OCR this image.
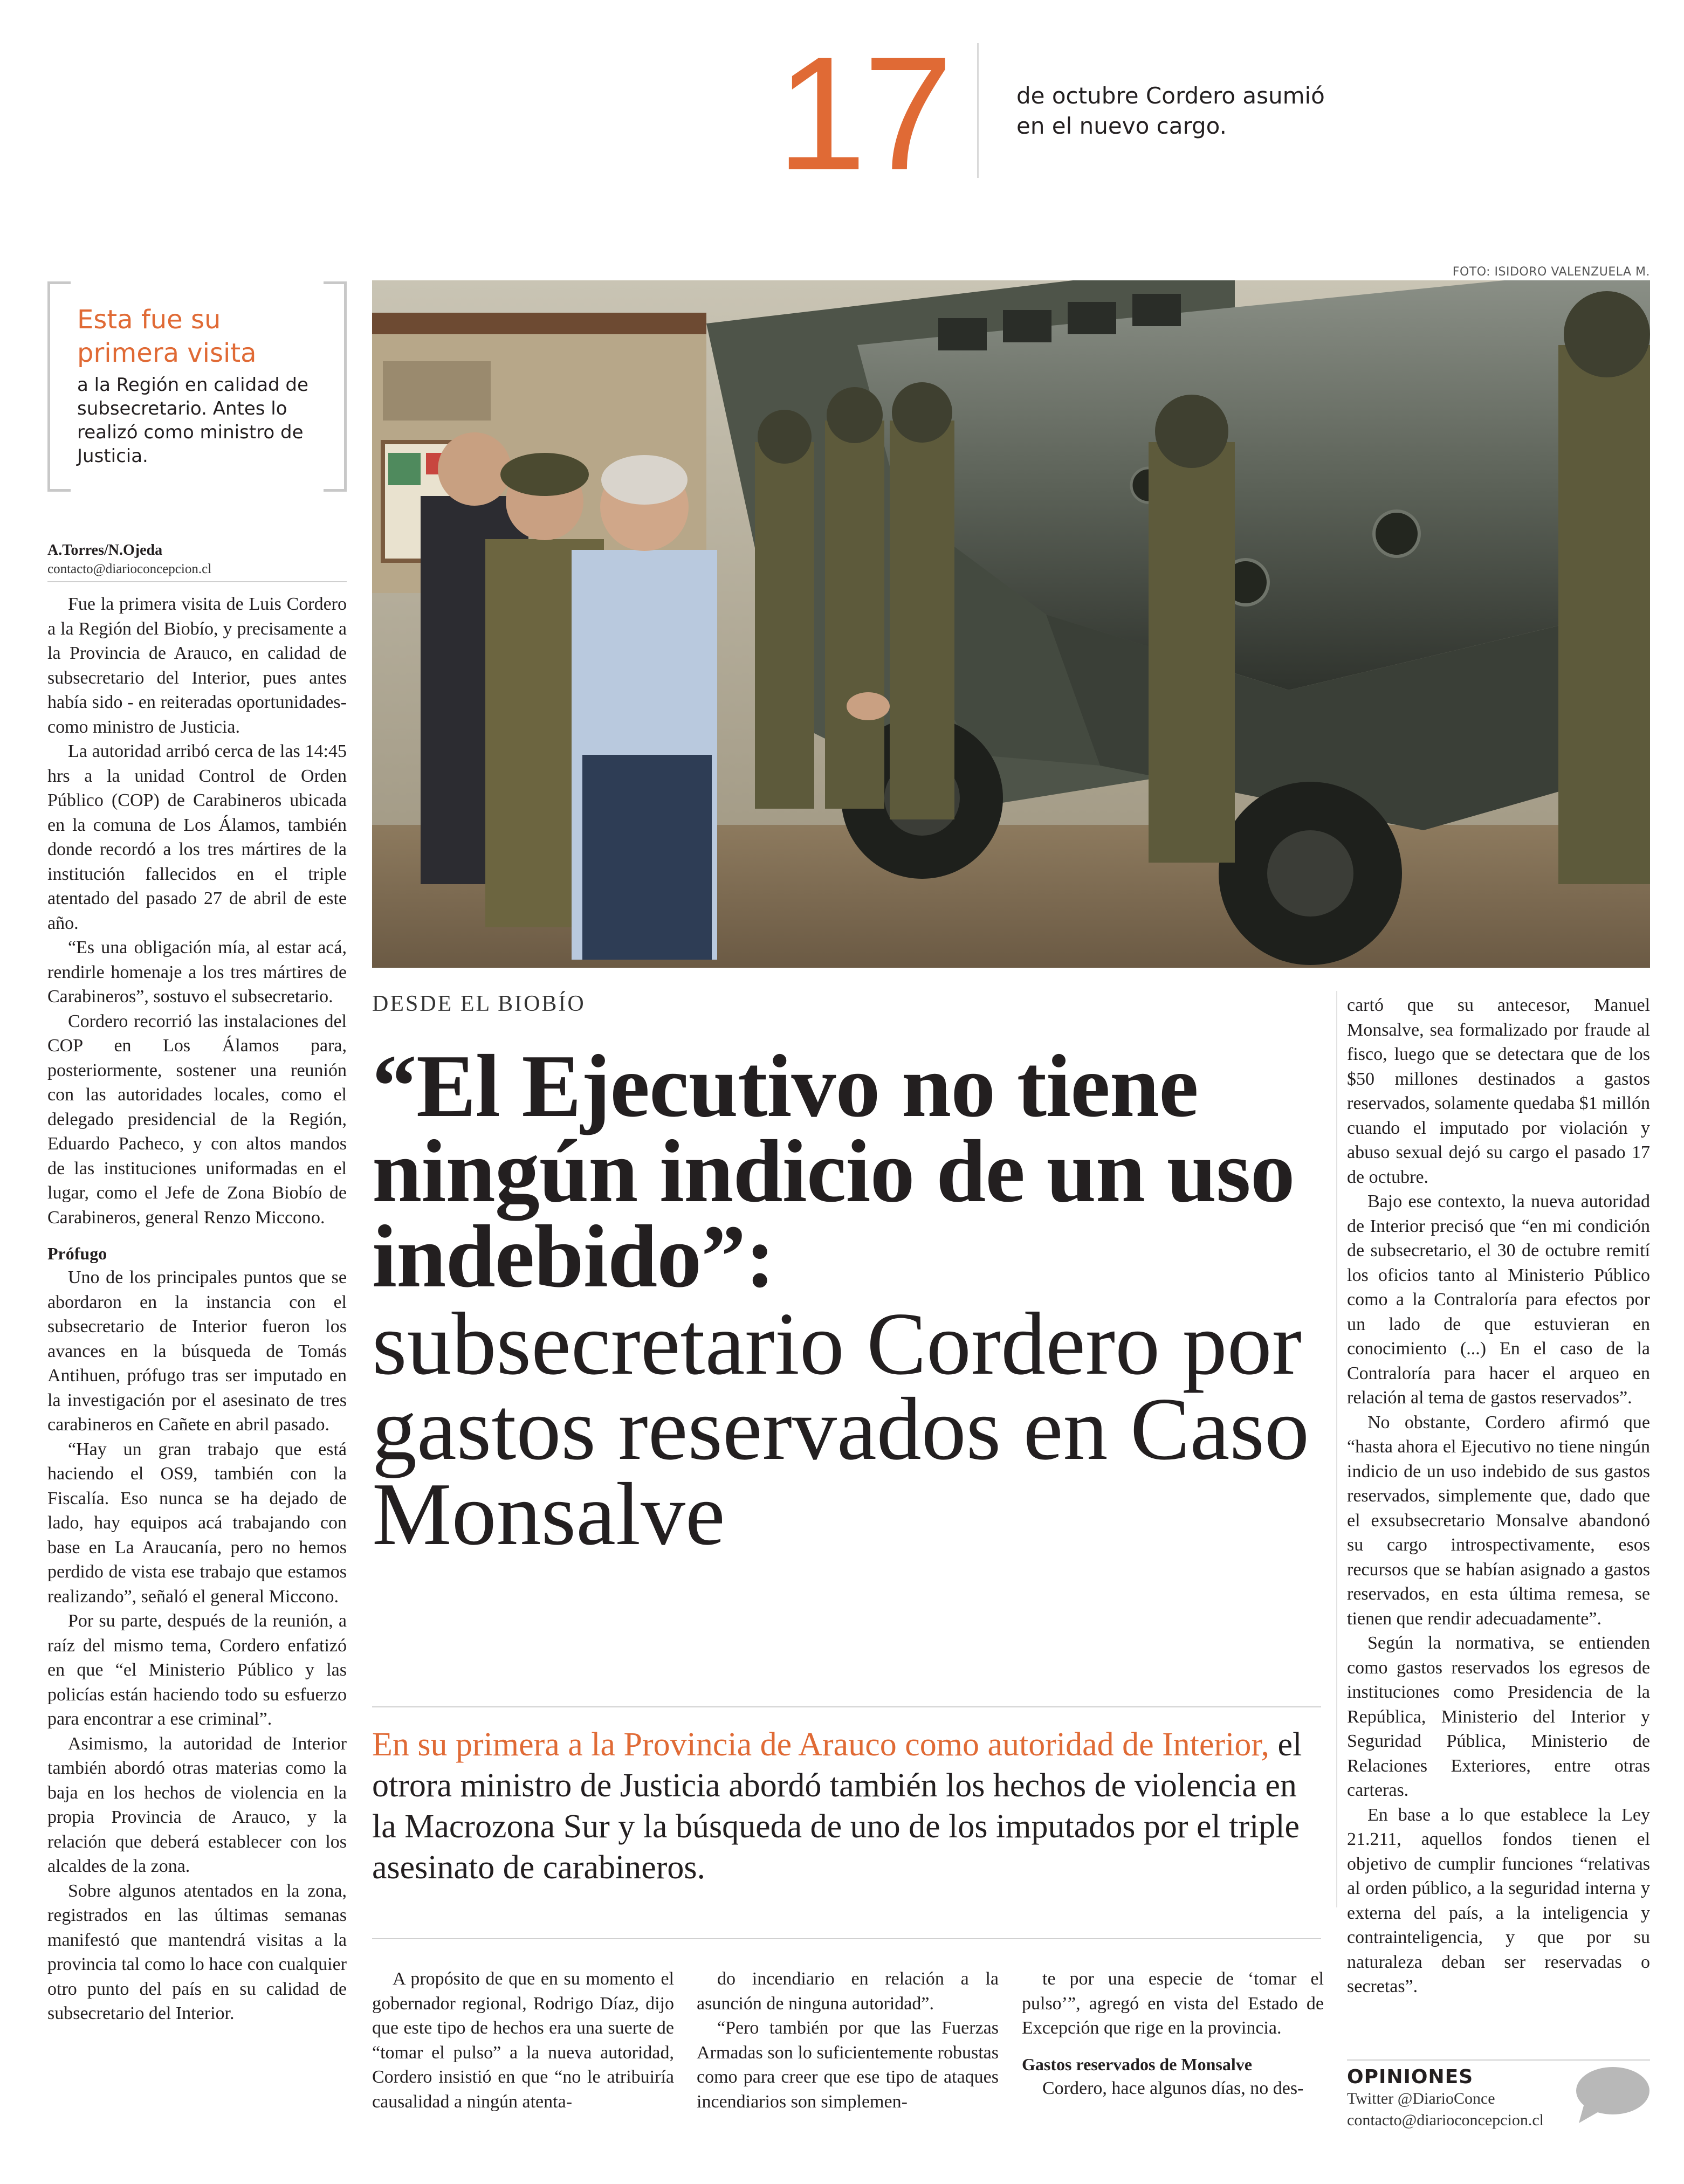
17	de octubre Cordero asumió
en el nuevo cargo.
Esta fue su
primera visita
a la Región en calidad de subsecretario. Antes lo realizó como ministro de Justicia.
FOTO: ISIDORO VALENZUELA M.
A.Torres/N.Ojeda
contacto@diarioconcepcion.cl

Fue la primera visita de Luis Cordero a la Región del Biobío, y precisamente a la Provincia de Arauco, en calidad de subsecretario del Interior, pues antes había sido - en reiteradas oportunidades- como ministro de Justicia.

La autoridad arribó cerca de las 14:45 hrs a la unidad Control de Orden Público (COP) de Carabineros ubicada en la comuna de Los Álamos, también donde recordó a los tres mártires de la institución fallecidos en el triple atentado del pasado 27 de abril de este año.

“Es una obligación mía, al estar acá, rendirle homenaje a los tres mártires de Carabineros”, sostuvo el subsecretario.

Cordero recorrió las instalaciones del COP en Los Álamos para, posteriormente, sostener una reunión con las autoridades locales, como el delegado presidencial de la Región, Eduardo Pacheco, y con altos mandos de las instituciones uniformadas en el lugar, como el Jefe de Zona Biobío de Carabineros, general Renzo Miccono.

Prófugo

Uno de los principales puntos que se abordaron en la instancia con el subsecretario de Interior fueron los avances en la búsqueda de Tomás Antihuen, prófugo tras ser imputado en la investigación por el asesinato de tres carabineros en Cañete en abril pasado.

“Hay un gran trabajo que está haciendo el OS9, también con la Fiscalía. Eso nunca se ha dejado de lado, hay equipos acá trabajando con base en La Araucanía, pero no hemos perdido de vista ese trabajo que estamos realizando”, señaló el general Miccono.

Por su parte, después de la reunión, a raíz del mismo tema, Cordero enfatizó en que “el Ministerio Público y las policías están haciendo todo su esfuerzo para encontrar a ese criminal”.

Asimismo, la autoridad de Interior también abordó otras materias como la baja en los hechos de violencia en la propia Provincia de Arauco, y la relación que deberá establecer con los alcaldes de la zona.

Sobre algunos atentados en la zona, registrados en las últimas semanas manifestó que mantendrá visitas a la provincia tal como lo hace con cualquier otro punto del país en su calidad de subsecretario del Interior.

DESDE EL BIOBÍO
“El Ejecutivo no tiene ningún indicio de un uso indebido”:
subsecretario Cordero por gastos reservados en Caso Monsalve
En su primera a la Provincia de Arauco como autoridad de Interior, el otrora ministro de Justicia abordó también los hechos de violencia en la Macrozona Sur y la búsqueda de uno de los imputados por el triple asesinato de carabineros.

A propósito de que en su momento el gobernador regional, Rodrigo Díaz, dijo que este tipo de hechos era una suerte de “tomar el pulso” a la nueva autoridad, Cordero insistió en que “no le atribuiría causalidad a ningún atenta-

do incendiario en relación a la asunción de ninguna autoridad”.

“Pero también por que las Fuerzas Armadas son lo suficientemente robustas como para creer que ese tipo de ataques incendiarios son simplemen-

te por una especie de ‘tomar el pulso’”, agregó en vista del Estado de Excepción que rige en la provincia.

Gastos reservados de Monsalve

Cordero, hace algunos días, no des-

cartó que su antecesor, Manuel Monsalve, sea formalizado por fraude al fisco, luego que se detectara que de los $50 millones destinados a gastos reservados, solamente quedaba $1 millón cuando el imputado por violación y abuso sexual dejó su cargo el pasado 17 de octubre.

Bajo ese contexto, la nueva autoridad de Interior precisó que “en mi condición de subsecretario, el 30 de octubre remití los oficios tanto al Ministerio Público como a la Contraloría para efectos por un lado de que estuvieran en conocimiento (...) En el caso de la Contraloría para hacer el arqueo en relación al tema de gastos reservados”.

No obstante, Cordero afirmó que “hasta ahora el Ejecutivo no tiene ningún indicio de un uso indebido de sus gastos reservados, simplemente que, dado que el exsubsecretario Monsalve abandonó su cargo introspectivamente, esos recursos que se habían asignado a gastos reservados, en esta última remesa, se tienen que rendir adecuadamente”.

Según la normativa, se entienden como gastos reservados los egresos de instituciones como Presidencia de la República, Ministerio del Interior y Seguridad Pública, Ministerio de Relaciones Exteriores, entre otras carteras.

En base a lo que establece la Ley 21.211, aquellos fondos tienen el objetivo de cumplir funciones “relativas al orden público, a la seguridad interna y externa del país, a la inteligencia y contrainteligencia, y que por su naturaleza deban ser reservadas o secretas”.

OPINIONES
Twitter @DiarioConce
contacto@diarioconcepcion.cl
